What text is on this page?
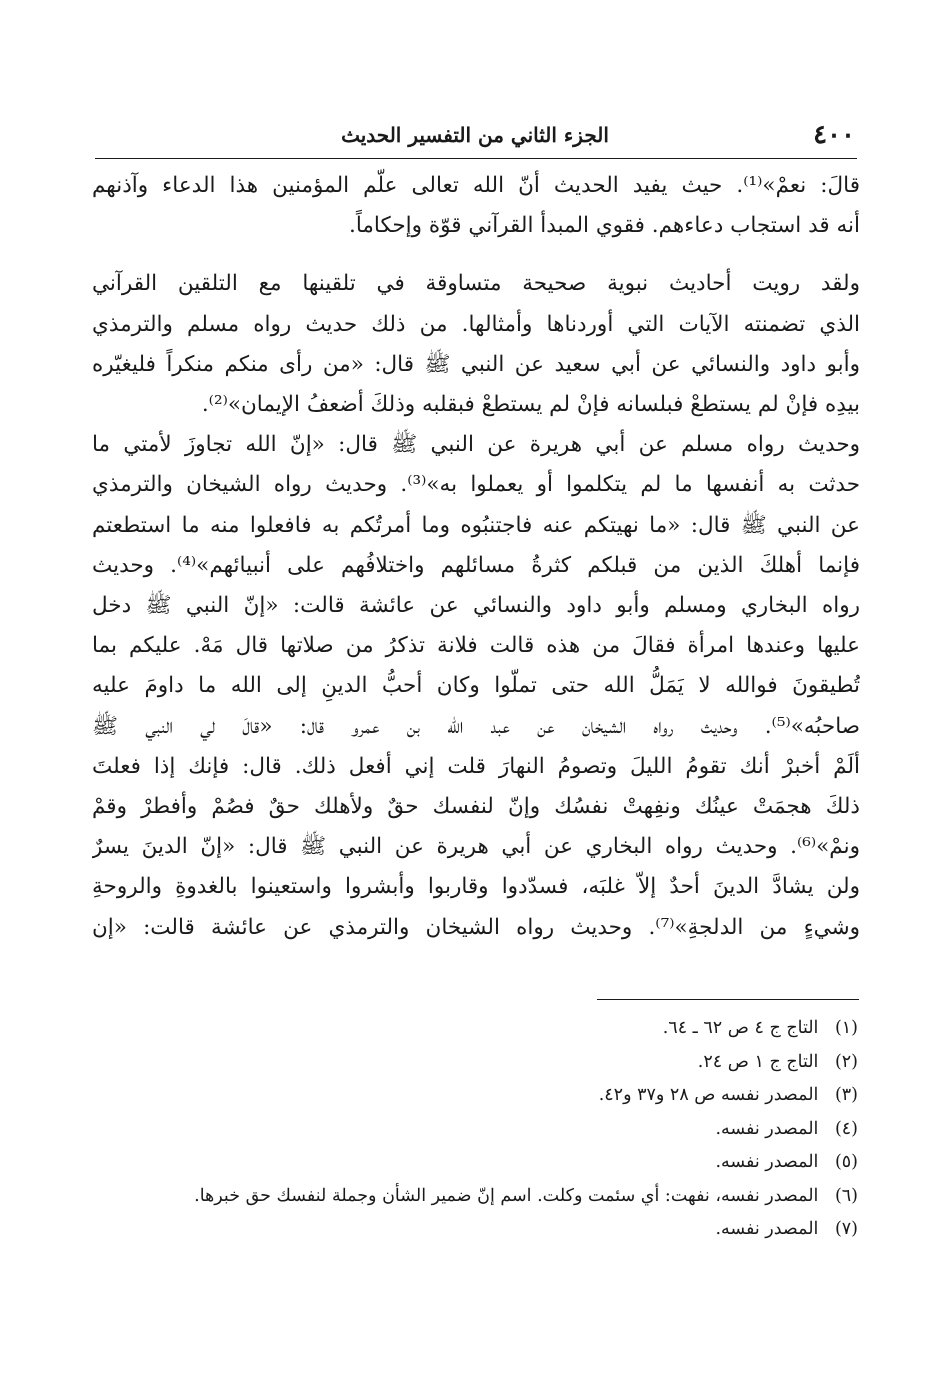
٤٠٠
الجزء الثاني من التفسير الحديث

قالَ: نعمْ»⁽¹⁾. حيث يفيد الحديث أنّ الله تعالى علّم المؤمنين هذا الدعاء وآذنهم
أنه قد استجاب دعاءهم. فقوي المبدأ القرآني قوّة وإحكاماً.

ولقد رويت أحاديث نبوية صحيحة متساوقة في تلقينها مع التلقين القرآني
الذي تضمنته الآيات التي أوردناها وأمثالها. من ذلك حديث رواه مسلم والترمذي
وأبو داود والنسائي عن أبي سعيد عن النبي ﷺ قال: «من رأى منكم منكراً فليغيّره
بيدِه فإنْ لم يستطعْ فبلسانه فإنْ لم يستطعْ فبقلبه وذلكَ أضعفُ الإيمان»⁽²⁾.
وحديث رواه مسلم عن أبي هريرة عن النبي ﷺ قال: «إنّ الله تجاوزَ لأمتي ما
حدثت به أنفسها ما لم يتكلموا أو يعملوا به»⁽³⁾. وحديث رواه الشيخان والترمذي
عن النبي ﷺ قال: «ما نهيتكم عنه فاجتنبُوه وما أمرتُكم به فافعلوا منه ما استطعتم
فإنما أهلكَ الذين من قبلكم كثرةُ مسائلهم واختلافُهم على أنبيائهم»⁽⁴⁾. وحديث
رواه البخاري ومسلم وأبو داود والنسائي عن عائشة قالت: «إنّ النبي ﷺ دخل
عليها وعندها امرأة فقالَ من هذه قالت فلانة تذكرُ من صلاتها قال مَهْ. عليكم بما
تُطيقونَ فوالله لا يَمَلُّ الله حتى تملّوا وكان أحبُّ الدينِ إلى الله ما داومَ عليه
صاحبُه»⁽⁵⁾. وحديث رواه الشيخان عن عبد الله بن عمرو قال: «قالَ لي النبي ﷺ
ألَمْ أخبرْ أنك تقومُ الليلَ وتصومُ النهارَ قلت إني أفعل ذلك. قال: فإنك إذا فعلتَ
ذلكَ هجمَتْ عينُك ونفِهتْ نفسُك وإنّ لنفسك حقٌ ولأهلك حقٌ فصُمْ وأفطرْ وقمْ
ونمْ»⁽⁶⁾. وحديث رواه البخاري عن أبي هريرة عن النبي ﷺ قال: «إنّ الدينَ يسرٌ
ولن يشادَّ الدينَ أحدٌ إلاّ غلبَه، فسدّدوا وقاربوا وأبشروا واستعينوا بالغدوةِ والروحةِ
وشيءٍ من الدلجةِ»⁽⁷⁾. وحديث رواه الشيخان والترمذي عن عائشة قالت: «إن

(١) التاج ج ٤ ص ٦٢ ـ ٦٤.
(٢) التاج ج ١ ص ٢٤.
(٣) المصدر نفسه ص ٢٨ و٣٧ و٤٢.
(٤) المصدر نفسه.
(٥) المصدر نفسه.
(٦) المصدر نفسه، نفهت: أي سئمت وكلت. اسم إنّ ضمير الشأن وجملة لنفسك حق خبرها.
(٧) المصدر نفسه.
